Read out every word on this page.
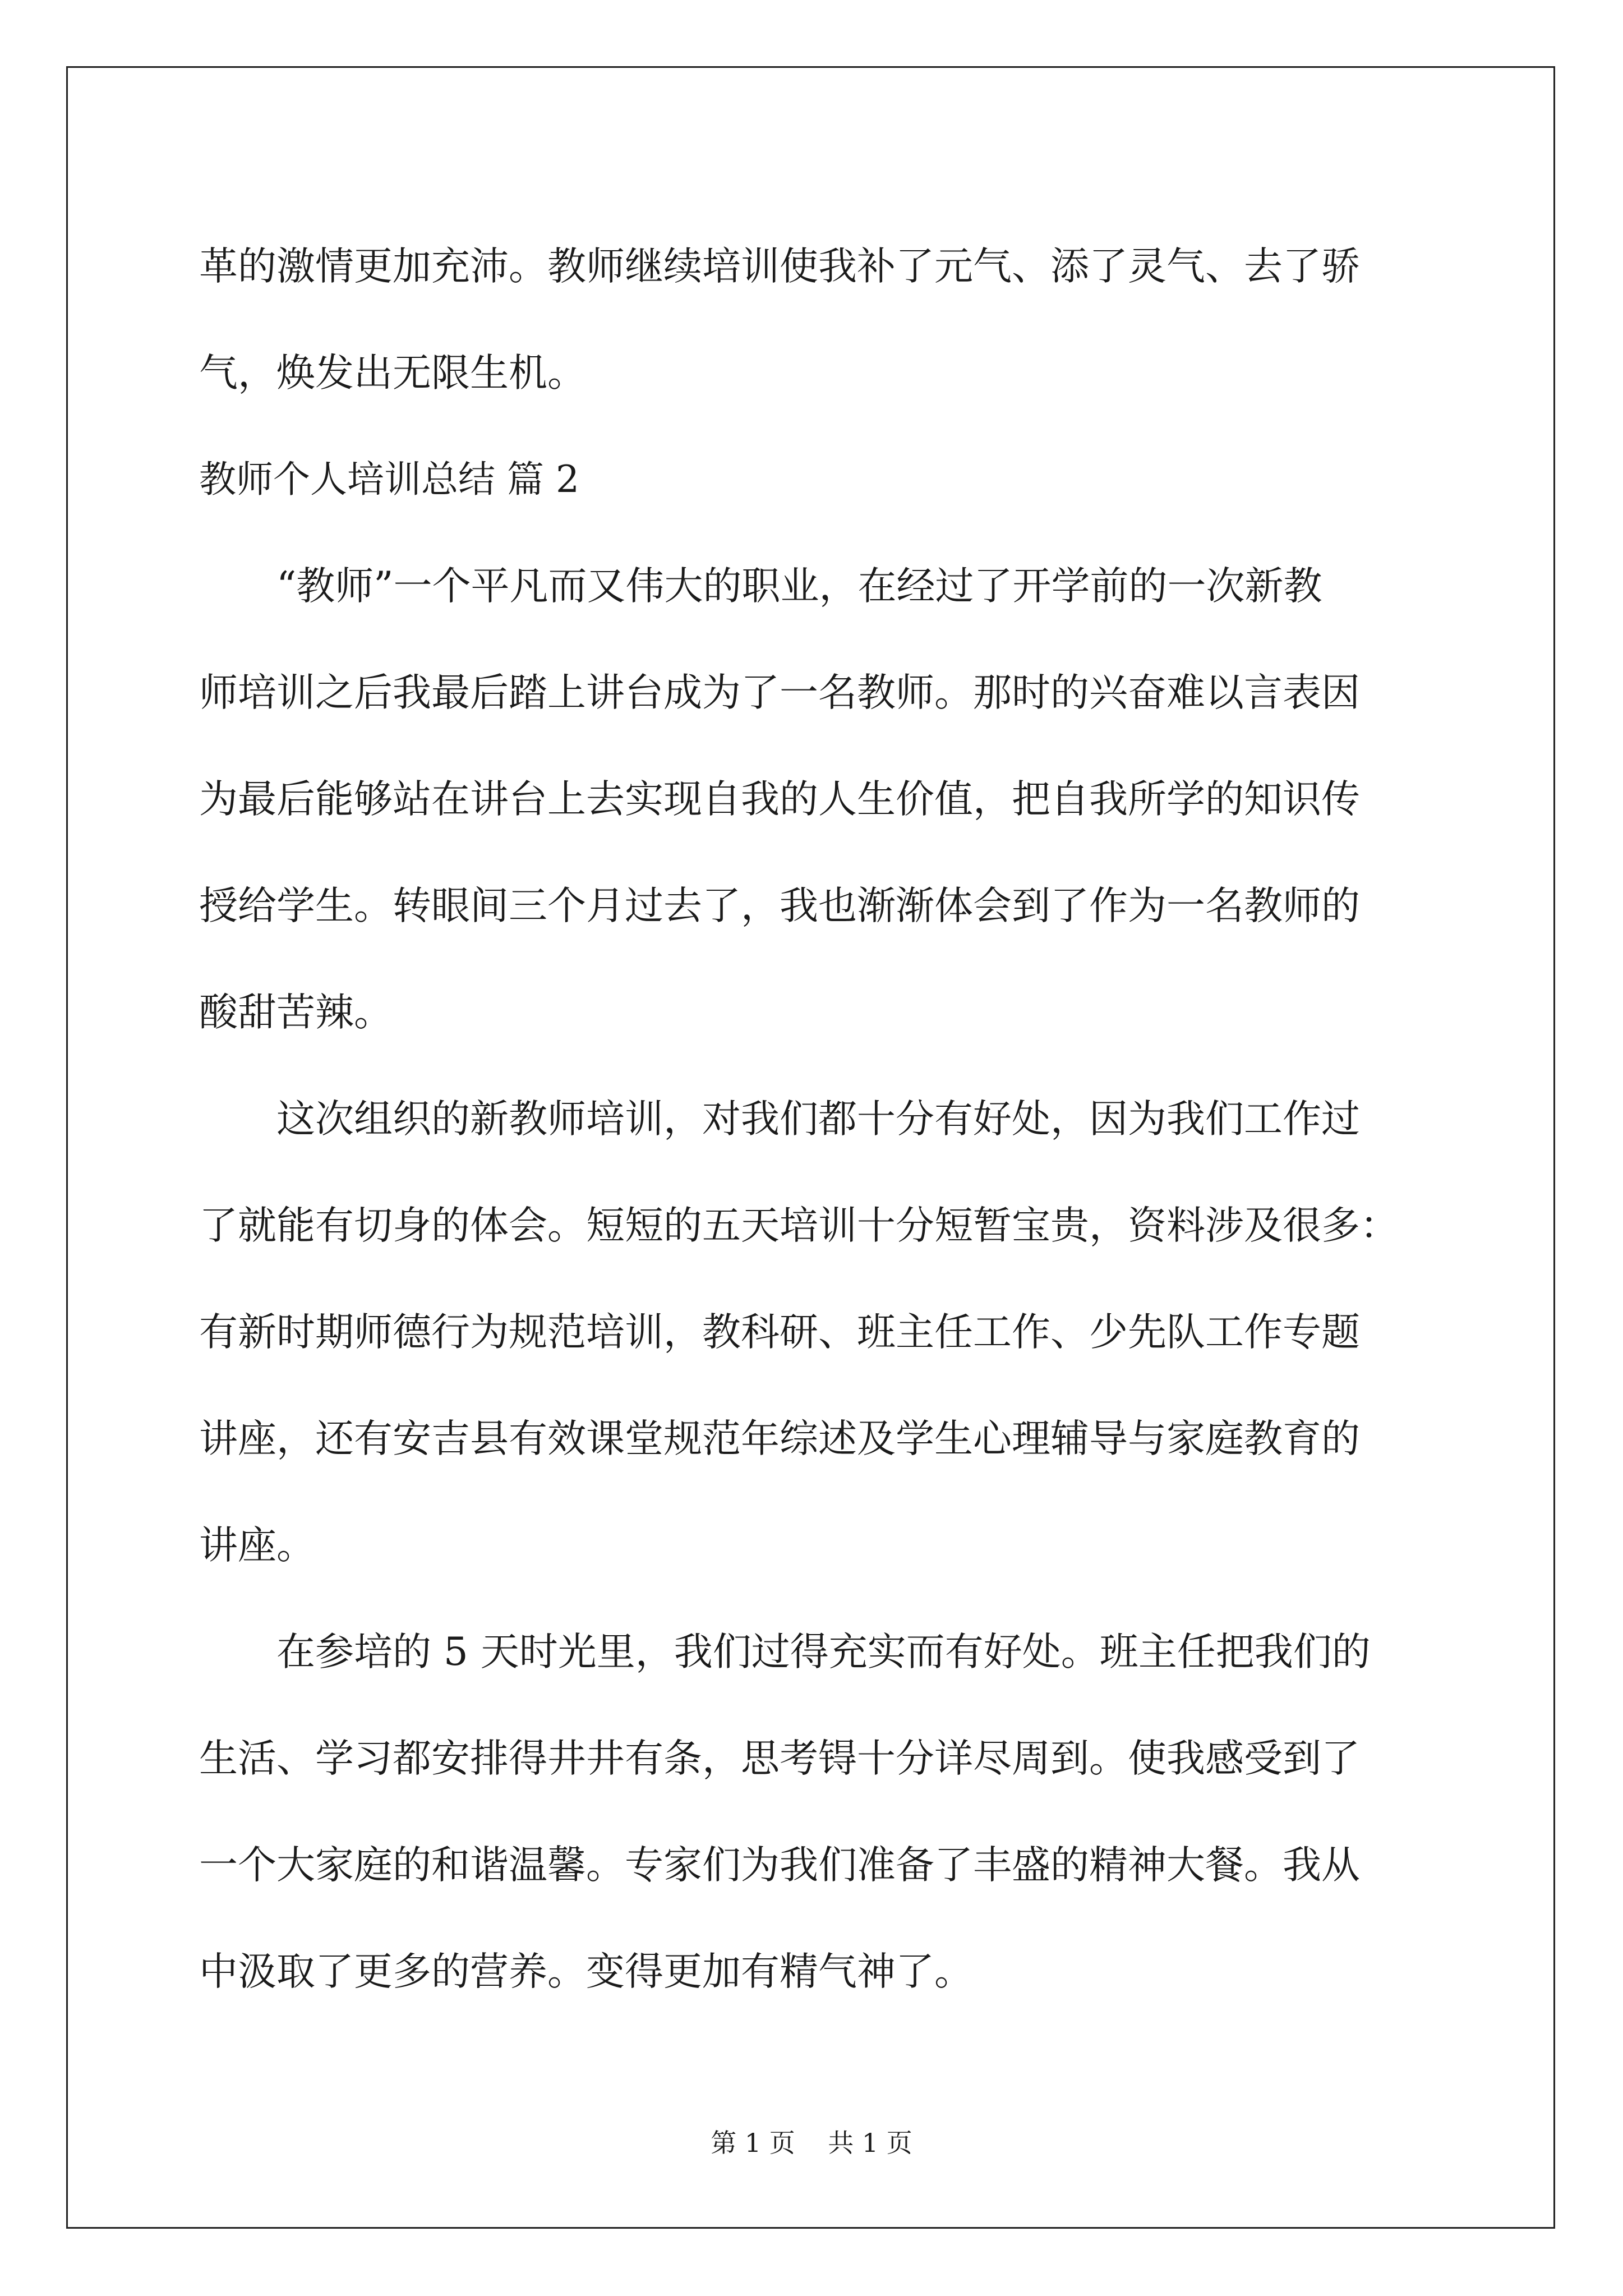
革的激情更加充沛。教师继续培训使我补了元气、添了灵气、去了骄
气，焕发出无限生机。
教师个人培训总结 篇 2
“教师”一个平凡而又伟大的职业，在经过了开学前的一次新教
师培训之后我最后踏上讲台成为了一名教师。那时的兴奋难以言表因
为最后能够站在讲台上去实现自我的人生价值，把自我所学的知识传
授给学生。转眼间三个月过去了，我也渐渐体会到了作为一名教师的
酸甜苦辣。
这次组织的新教师培训，对我们都十分有好处，因为我们工作过
了就能有切身的体会。短短的五天培训十分短暂宝贵，资料涉及很多：
有新时期师德行为规范培训，教科研、班主任工作、少先队工作专题
讲座，还有安吉县有效课堂规范年综述及学生心理辅导与家庭教育的
讲座。
在参培的 5 天时光里，我们过得充实而有好处。班主任把我们的
生活、学习都安排得井井有条，思考锝十分详尽周到。使我感受到了
一个大家庭的和谐温馨。专家们为我们准备了丰盛的精神大餐。我从
中汲取了更多的营养。变得更加有精气神了。
第 1 页    共 1 页
